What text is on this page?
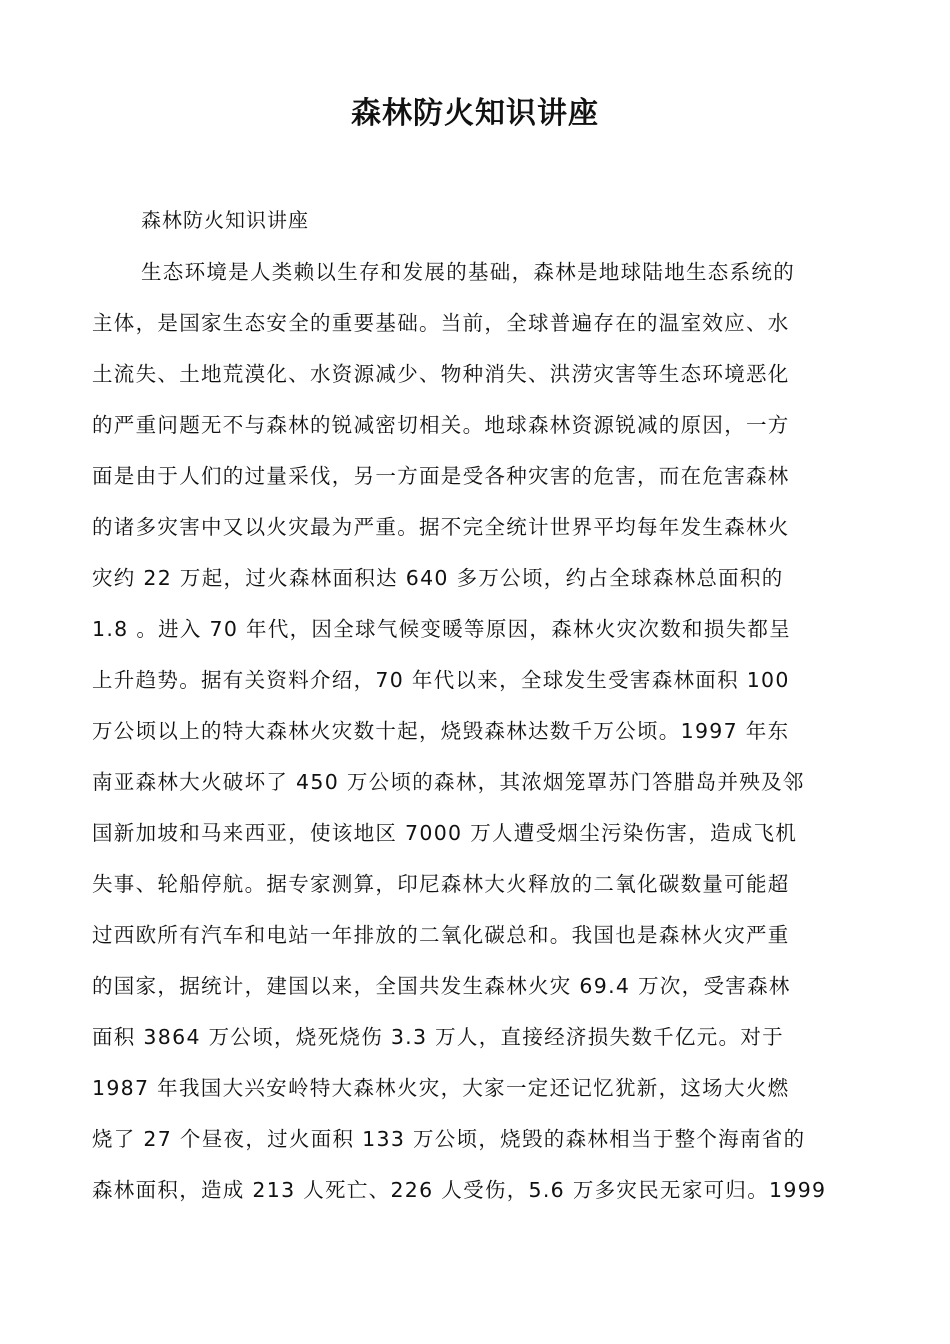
森林防火知识讲座
森林防火知识讲座
生态环境是人类赖以生存和发展的基础，森林是地球陆地生态系统的
主体，是国家生态安全的重要基础。当前，全球普遍存在的温室效应、水
土流失、土地荒漠化、水资源减少、物种消失、洪涝灾害等生态环境恶化
的严重问题无不与森林的锐减密切相关。地球森林资源锐减的原因，一方
面是由于人们的过量采伐，另一方面是受各种灾害的危害，而在危害森林
的诸多灾害中又以火灾最为严重。据不完全统计世界平均每年发生森林火
灾约 22 万起，过火森林面积达 640 多万公顷，约占全球森林总面积的
1.8 。进入 70 年代，因全球气候变暖等原因，森林火灾次数和损失都呈
上升趋势。据有关资料介绍，70 年代以来，全球发生受害森林面积 100
万公顷以上的特大森林火灾数十起，烧毁森林达数千万公顷。1997 年东
南亚森林大火破坏了 450 万公顷的森林，其浓烟笼罩苏门答腊岛并殃及邻
国新加坡和马来西亚，使该地区 7000 万人遭受烟尘污染伤害，造成飞机
失事、轮船停航。据专家测算，印尼森林大火释放的二氧化碳数量可能超
过西欧所有汽车和电站一年排放的二氧化碳总和。我国也是森林火灾严重
的国家，据统计，建国以来，全国共发生森林火灾 69.4 万次，受害森林
面积 3864 万公顷，烧死烧伤 3.3 万人，直接经济损失数千亿元。对于
1987 年我国大兴安岭特大森林火灾，大家一定还记忆犹新，这场大火燃
烧了 27 个昼夜，过火面积 133 万公顷，烧毁的森林相当于整个海南省的
森林面积，造成 213 人死亡、226 人受伤，5.6 万多灾民无家可归。1999
